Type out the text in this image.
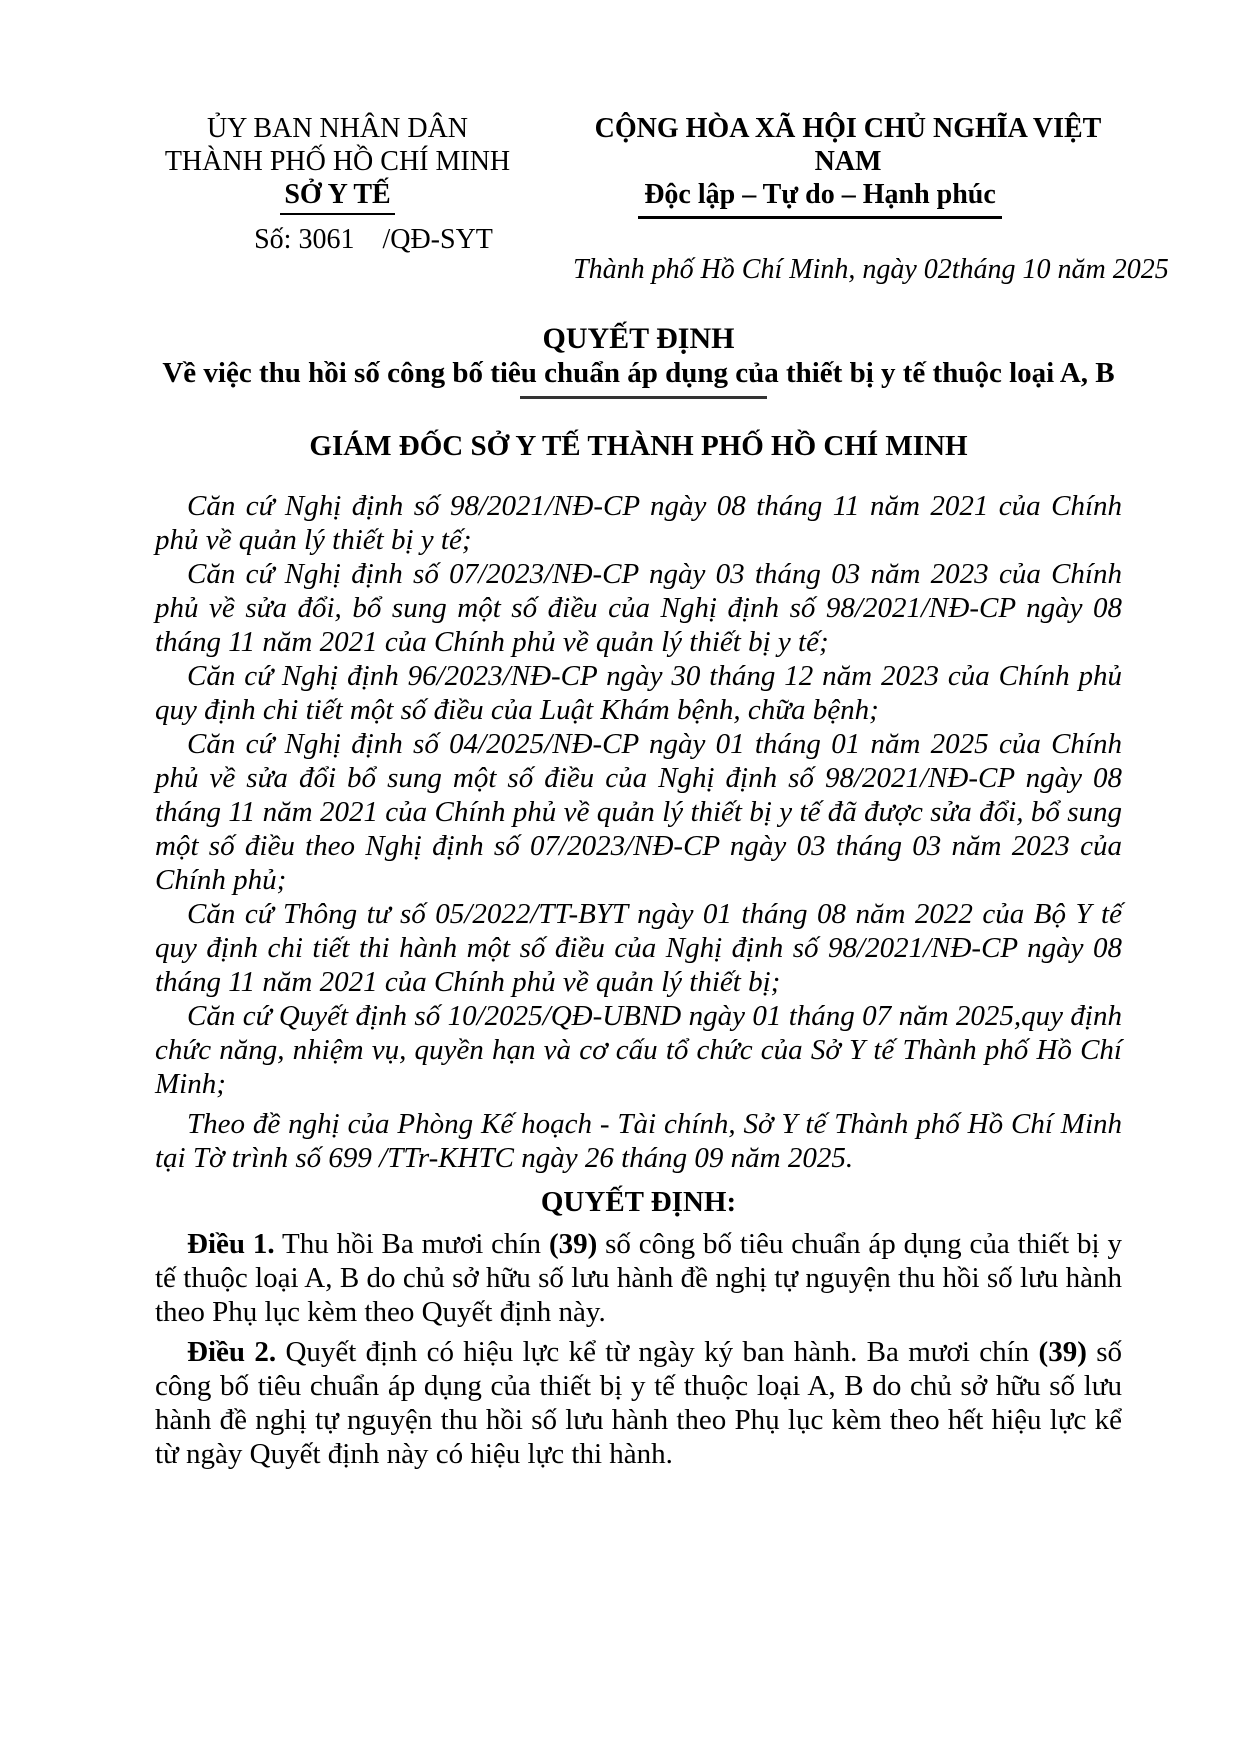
ỦY BAN NHÂN DÂN
THÀNH PHỐ HỒ CHÍ MINH
SỞ Y TẾ
Số: 3061    /QĐ-SYT
CỘNG HÒA XÃ HỘI CHỦ NGHĨA VIỆT NAM
Độc lập – Tự do – Hạnh phúc
Thành phố Hồ Chí Minh, ngày 02tháng 10 năm 2025
QUYẾT ĐỊNH
Về việc thu hồi số công bố tiêu chuẩn áp dụng của thiết bị y tế thuộc loại A, B
GIÁM ĐỐC SỞ Y TẾ THÀNH PHỐ HỒ CHÍ MINH

Căn cứ Nghị định số 98/2021/NĐ-CP ngày 08 tháng 11 năm 2021 của Chính phủ về quản lý thiết bị y tế;

Căn cứ Nghị định số 07/2023/NĐ-CP ngày 03 tháng 03 năm 2023 của Chính phủ về sửa đổi, bổ sung một số điều của Nghị định số 98/2021/NĐ-CP ngày 08 tháng 11 năm 2021 của Chính phủ về quản lý thiết bị y tế;

Căn cứ Nghị định 96/2023/NĐ-CP ngày 30 tháng 12 năm 2023 của Chính phủ quy định chi tiết một số điều của Luật Khám bệnh, chữa bệnh;

Căn cứ Nghị định số 04/2025/NĐ-CP ngày 01 tháng 01 năm 2025 của Chính phủ về sửa đổi bổ sung một số điều của Nghị định số 98/2021/NĐ-CP ngày 08 tháng 11 năm 2021 của Chính phủ về quản lý thiết bị y tế đã được sửa đổi, bổ sung một số điều theo Nghị định số 07/2023/NĐ-CP ngày 03 tháng 03 năm 2023 của Chính phủ;

Căn cứ Thông tư số 05/2022/TT-BYT ngày 01 tháng 08 năm 2022 của Bộ Y tế quy định chi tiết thi hành một số điều của Nghị định số 98/2021/NĐ-CP ngày 08 tháng 11 năm 2021 của Chính phủ về quản lý thiết bị;

Căn cứ Quyết định số 10/2025/QĐ-UBND ngày 01 tháng 07 năm 2025,quy định chức năng, nhiệm vụ, quyền hạn và cơ cấu tổ chức của Sở Y tế Thành phố Hồ Chí Minh;

Theo đề nghị của Phòng Kế hoạch - Tài chính, Sở Y tế Thành phố Hồ Chí Minh tại Tờ trình số 699 /TTr-KHTC ngày 26 tháng 09 năm 2025.

QUYẾT ĐỊNH:

Điều 1. Thu hồi Ba mươi chín (39) số công bố tiêu chuẩn áp dụng của thiết bị y tế thuộc loại A, B do chủ sở hữu số lưu hành đề nghị tự nguyện thu hồi số lưu hành theo Phụ lục kèm theo Quyết định này.

Điều 2. Quyết định có hiệu lực kể từ ngày ký ban hành. Ba mươi chín (39) số công bố tiêu chuẩn áp dụng của thiết bị y tế thuộc loại A, B do chủ sở hữu số lưu hành đề nghị tự nguyện thu hồi số lưu hành theo Phụ lục kèm theo hết hiệu lực kể từ ngày Quyết định này có hiệu lực thi hành.
